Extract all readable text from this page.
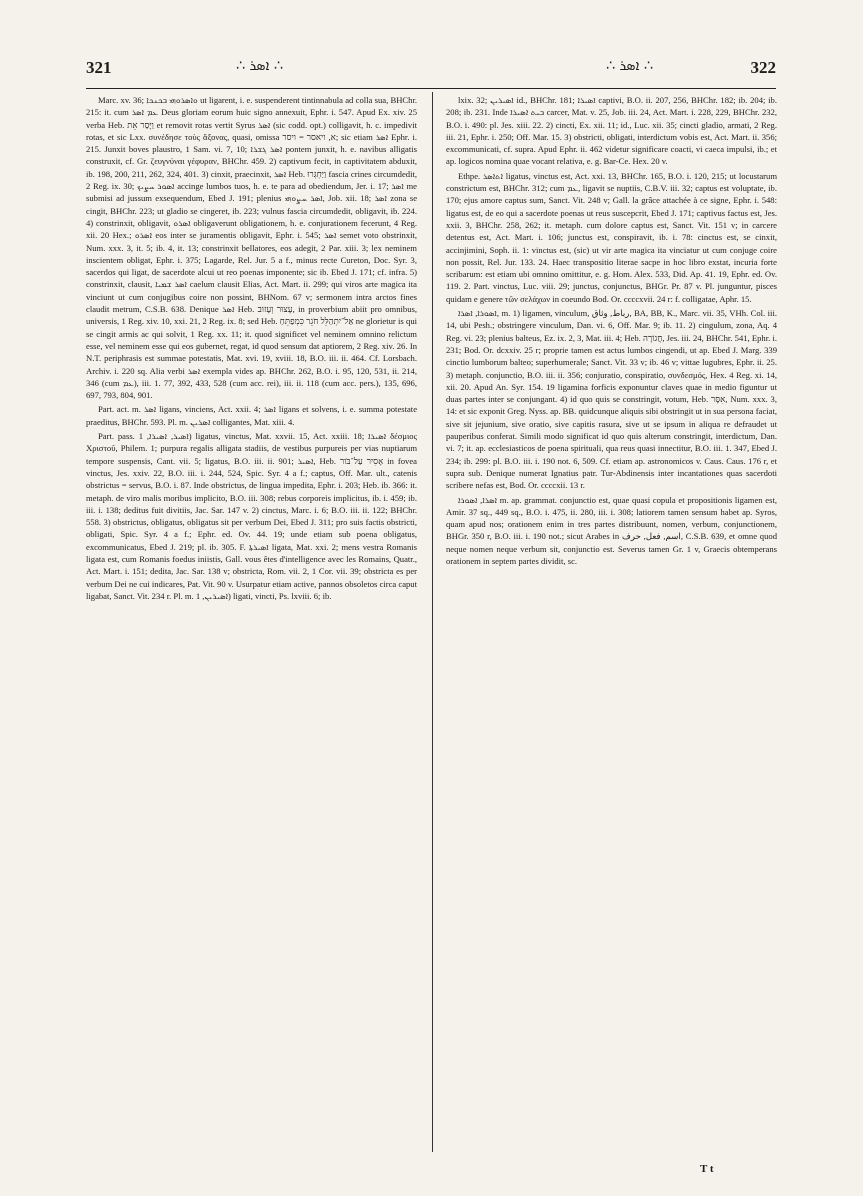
321	∴ ܐܣܪ ∴	∴ ܐܣܪ ∴	322

Marc. xv. 36; ܘܐܣܪܘܗܝ ܒܟܢܟܐ ut ligarent, i. e. suspenderent tintinnabula ad colla sua, BHChr. 215: it. cum ܥܡ ܐܣܪ Deus gloriam eorum huic signo annexuit, Ephr. i. 547. Apud Ex. xiv. 25 verba Heb. וַיָּסַר אֵת et removit rotas vertit Syrus ܐܣܪ (sic codd. opt.) colligavit, h. c. impedivit rotas, et sic Lxx. συνέδησε τοὺς ἄξονας, quasi, omissa א, ויאסר = ויסר; sic etiam ܐܣܪ Ephr. i. 215. Junxit boves plaustro, 1 Sam. vi. 7, 10; ܐܣܪ ܓܫܪܐ pontem junxit, h. e. navibus alligatis construxit, cf. Gr. ζευγνύναι γέφυραν, BHChr. 459. 2) captivum fecit, in captivitatem abduxit, ib. 198, 200, 211, 262, 324, 401. 3) cinxit, praecinxit, ܐܣܪ Heb. וַיַּחְגְּרוּ fascia crines circumdedit, 2 Reg. ix. 30; ܐܣܘܪ ܚܨܝܟ accinge lumbos tuos, h. e. te para ad obediendum, Jer. i. 17; ܐܣܪ me submisi ad jussum exsequendum, Ebed J. 191; plenius ܐܣܪ ܚܨܘܗܝ, Job. xii. 18; ܐܣܪ zona se cingit, BHChr. 223; ut gladio se cingeret, ib. 223; vulnus fascia circumdedit, obligavit, ib. 224. 4) constrinxit, obligavit, ܐܣܪܘ obligaverunt obligationem, h. e. conjurationem fecerunt, 4 Reg. xii. 20 Hex.; ܐܣܪܘ eos inter se juramentis obligavit, Ephr. i. 545; ܐܣܪ semet voto obstrinxit, Num. xxx. 3, it. 5; ib. 4, it. 13; constrinxit bellatores, eos adegit, 2 Par. xiii. 3; lex neminem inscientem obligat, Ephr. i. 375; Lagarde, Rel. Jur. 5 a f., minus recte Cureton, Doc. Syr. 3, sacerdos qui ligat, de sacerdote alcui ut reo poenas imponente; sic ib. Ebed J. 171; cf. infra. 5) constrinxit, clausit, ܐܣܪ ܫܡܝܐ caelum clausit Elias, Act. Mart. ii. 299; qui viros arte magica ita vinciunt ut cum conjugibus coire non possint, BHNom. 67 v; sermonem intra arctos fines claudit metrum, C.S.B. 638. Denique ܐܣܪ Heb. עָצוּר וְעָזוּב, in proverbium abiit pro omnibus, universis, 1 Reg. xiv. 10, xxi. 21, 2 Reg. ix. 8; sed Heb. אַל־יִתְהַלֵּל חֹגֵר כִּמְפַתֵּחַ ne glorietur is qui se cingit armis ac qui solvit, 1 Reg. xx. 11; it. quod significet vel neminem omnino relictum esse, vel neminem esse qui eos gubernet, regat, id quod sensum dat aptiorem, 2 Reg. xiv. 26. In N.T. periphrasis est summae potestatis, Mat. xvi. 19, xviii. 18, B.O. iii. ii. 464. Cf. Lorsbach. Archiv. i. 220 sq. Alia verbi ܐܣܪ exempla vides ap. BHChr. 262, B.O. i. 95, 120, 531, ii. 214, 346 (cum ܥܡ), iii. 1. 77, 392, 433, 528 (cum acc. rei), iii. ii. 118 (cum acc. pers.), 135, 696, 697, 793, 804, 901.

Part. act. m. ܐܣܪ ligans, vinciens, Act. xxii. 4; ܐܣܪ ligans et solvens, i. e. summa potestate praeditus, BHChr. 593. Pl. m. ܐܣܪܝܢ colligantes, Mat. xiii. 4.

Part. pass. ܐܣܝܪ, ܐܣܝܪܐ, 1) ligatus, vinctus, Mat. xxvii. 15, Act. xxiii. 18; ܐܣܝܪܐ δέσμιος Χριστοῦ, Philem. 1; purpura regalis alligata stadiis, de vestibus purpureis per vias nuptiarum tempore suspensis, Cant. vii. 5; ligatus, B.O. iii. ii. 901; ܐܣܝܪ, Heb. אָסִיר עַל־בֹּור in fovea vinctus, Jes. xxiv. 22, B.O. iii. i. 244, 524, Spic. Syr. 4 a f.; captus, Off. Mar. ult., catenis obstrictus = servus, B.O. i. 87. Inde obstrictus, de lingua impedita, Ephr. i. 203; Heb. ib. 366: it. metaph. de viro malis moribus implicito, B.O. iii. 308; rebus corporeis implicitus, ib. i. 459; ib. iii. i. 138; deditus fuit divitiis, Jac. Sar. 147 v. 2) cinctus, Marc. i. 6; B.O. iii. ii. 122; BHChr. 558. 3) obstrictus, obligatus, obligatus sit per verbum Dei, Ebed J. 311; pro suis factis obstricti, obligati, Spic. Syr. 4 a f.; Ephr. ed. Ov. 44. 19; unde etiam sub poena obligatus, excommunicatus, Ebed J. 219; pl. ib. 305. F. ܐܣܝܪܬܐ ligata, Mat. xxi. 2; mens vestra Romanis ligata est, cum Romanis foedus iniistis, Gall. vous êtes d'intelligence avec les Romains, Quatr., Act. Mart. i. 151; dedita, Jac. Sar. 138 v; obstricta, Rom. vii. 2, 1 Cor. vii. 39; obstricta es per verbum Dei ne cui indicares, Pat. Vit. 90 v. Usurpatur etiam active, pannos obsoletos circa caput ligabat, Sanct. Vit. 234 r. Pl. m. ܐܣܝܪܝܢ, 1) ligati, vincti, Ps. lxviii. 6; ib.

lxix. 32; ܐܣܝܪܝܢ id., BHChr. 181; ܐܣܝܪܐ captivi, B.O. ii. 207, 256, BHChr. 182; ib. 204; ib. 208; ib. 231. Inde ܒܝܬ ܐܣܝܪܐ carcer, Mat. v. 25, Job. iii. 24, Act. Mart. i. 228, 229, BHChr. 232, B.O. i. 490: pl. Jes. xiii. 22. 2) cincti, Ex. xii. 11; id., Luc. xii. 35; cincti gladio, armati, 2 Reg. iii. 21, Ephr. i. 250; Off. Mar. 15. 3) obstricti, obligati, interdictum vobis est, Act. Mart. ii. 356; excommunicati, cf. supra. Apud Ephr. ii. 462 videtur significare coacti, vi caeca impulsi, ib.; et ap. logicos nomina quae vocant relativa, e. g. Bar-Ce. Hex. 20 v.

Ethpe. ܐܬܐܣܪ ligatus, vinctus est, Act. xxi. 13, BHChr. 165, B.O. i. 120, 215; ut locustarum constrictum est, BHChr. 312; cum ܥܡ, ligavit se nuptiis, C.B.V. iii. 32; captus est voluptate, ib. 170; ejus amore captus sum, Sanct. Vit. 248 v; Gall. la grâce attachée à ce signe, Ephr. i. 548: ligatus est, de eo qui a sacerdote poenas ut reus suscepcrit, Ebed J. 171; captivus factus est, Jes. xxii. 3, BHChr. 258, 262; it. metaph. cum dolore captus est, Sanct. Vit. 151 v; in carcere detentus est, Act. Mart. i. 106; junctus est, conspiravit, ib. i. 78: cinctus est, se cinxit, accinjimini, Soph. ii. 1: vinctus est, (sic) ut vir arte magica ita vinciatur ut cum conjuge coire non possit, Rel. Jur. 133. 24. Haec transpositio literae sacpe in hoc libro exstat, incuria forte scribarum: est etiam ubi omnino omittitur, e. g. Hom. Alex. 533, Did. Ap. 41. 19, Ephr. ed. Ov. 119. 2. Part. vinctus, Luc. viii. 29; junctus, conjunctus, BHGr. Pr. 87 v. Pl. junguntur, pisces quidam e genere τῶν σελάχων in coeundo Bod. Or. ccccxvii. 24 r: f. colligatae, Aphr. 15.

ܐܣܘܪܐ, ܐܣܪܐ, m. 1) ligamen, vinculum, رباط, وثاق, BA, BB, K., Marc. vii. 35, VHh. Col. iii. 14, ubi Pesh.; obstringere vinculum, Dan. vi. 6, Off. Mar. 9; ib. 11. 2) cingulum, zona, Aq. 4 Reg. vi. 23; plenius balteus, Ez. ix. 2, 3, Mat. iii. 4; Heb. חֲגוֹרָה, Jes. iii. 24, BHChr. 541, Ephr. i. 231; Bod. Or. dcxxiv. 25 r; proprie tamen est actus lumbos cingendi, ut ap. Ebed J. Marg. 339 cinctio lumborum balteo; superhumerale; Sanct. Vit. 33 v; ib. 46 v; vittae lugubres, Ephr. ii. 25. 3) metaph. conjunctio, B.O. iii. ii. 356; conjuratio, conspiratio, συνδεσμός, Hex. 4 Reg. xi. 14, xii. 20. Apud An. Syr. 154. 19 ligamina forficis exponuntur claves quae in medio figuntur ut duas partes inter se conjungant. 4) id quo quis se constringit, votum, Heb. אִסָּר, Num. xxx. 3, 14: et sic exponit Greg. Nyss. ap. BB. quidcunque aliquis sibi obstringit ut in sua persona faciat, sive sit jejunium, sive oratio, sive capitis rasura, sive ut se ipsum in aliqua re defraudet ut pauperibus conferat. Simili modo significat id quo quis alterum constringit, interdictum, Dan. vi. 7; it. ap. ecclesiasticos de poena spirituali, qua reus quasi innectitur, B.O. iii. 1. 347, Ebed J. 234; ib. 299: pl. B.O. iii. i. 190 not. 6, 509. Cf. etiam ap. astronomicos v. Caus. Caus. 176 r, et supra sub. Denique numerat Ignatius patr. Tur-Abdinensis inter incantationes quas sacerdoti scribere nefas est, Bod. Or. ccccxii. 13 r.

ܐܣܪܐ, ܐܣܘܪܐ m. ap. grammat. conjunctio est, quae quasi copula et propositionis ligamen est, Amir. 37 sq., 449 sq., B.O. i. 475, ii. 280, iii. i. 308; latiorem tamen sensum habet ap. Syros, quam apud nos; orationem enim in tres partes distribuunt, nomen, verbum, conjunctionem, BHGr. 350 r, B.O. iii. i. 190 not.; sicut Arabes in اسم, فعل, حرف, C.S.B. 639, et omne quod neque nomen neque verbum sit, conjunctio est. Severus tamen Gr. 1 v, Graecis obtemperans orationem in septem partes dividit, sc.

T t
